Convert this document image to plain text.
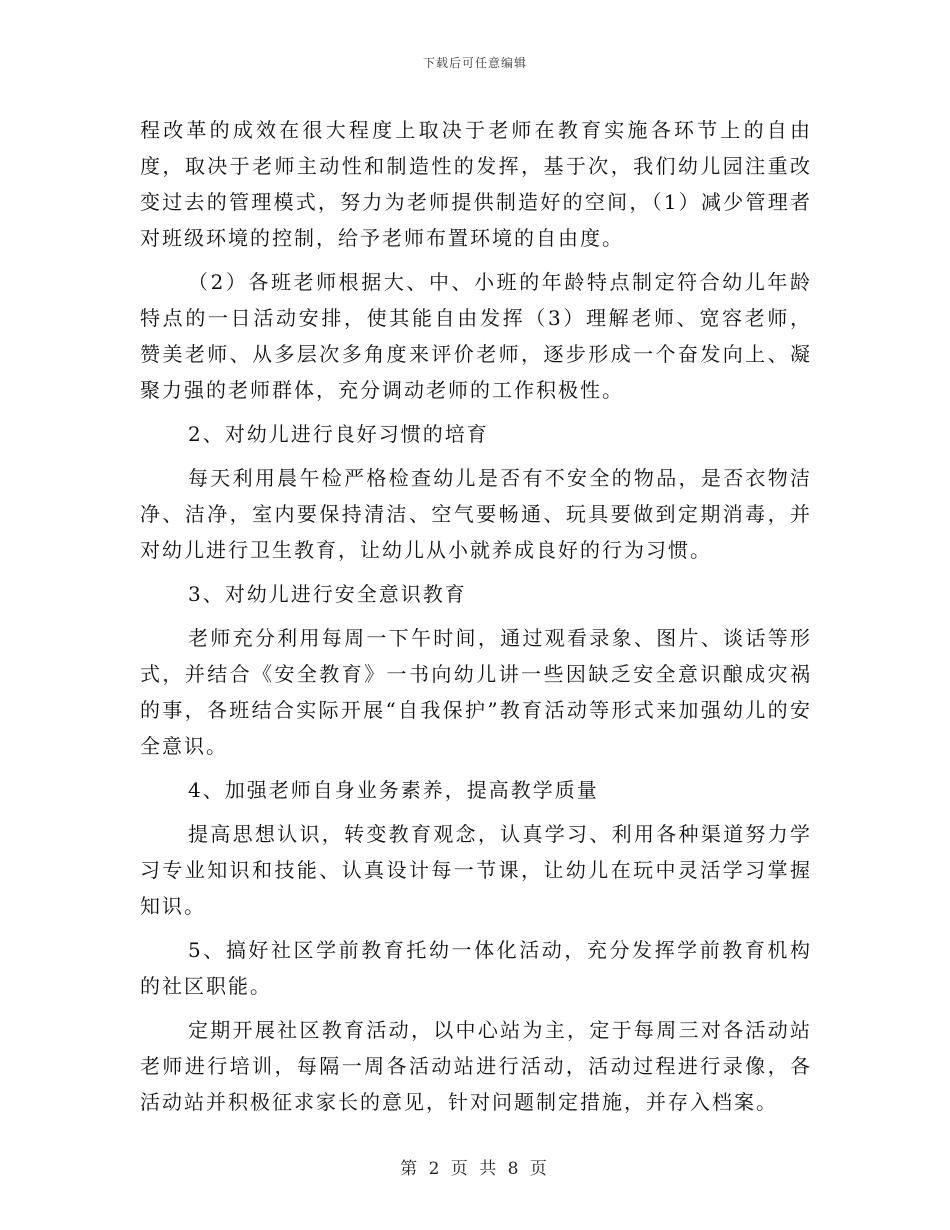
下载后可任意编辑

程改革的成效在很大程度上取决于老师在教育实施各环节上的自由度，取决于老师主动性和制造性的发挥，基于次，我们幼儿园注重改变过去的管理模式，努力为老师提供制造好的空间，（1）减少管理者对班级环境的控制，给予老师布置环境的自由度。

（2）各班老师根据大、中、小班的年龄特点制定符合幼儿年龄特点的一日活动安排，使其能自由发挥（3）理解老师、宽容老师，赞美老师、从多层次多角度来评价老师，逐步形成一个奋发向上、凝聚力强的老师群体，充分调动老师的工作积极性。

2、对幼儿进行良好习惯的培育

每天利用晨午检严格检查幼儿是否有不安全的物品，是否衣物洁净、洁净，室内要保持清洁、空气要畅通、玩具要做到定期消毒，并对幼儿进行卫生教育，让幼儿从小就养成良好的行为习惯。

3、对幼儿进行安全意识教育

老师充分利用每周一下午时间，通过观看录象、图片、谈话等形式，并结合《安全教育》一书向幼儿讲一些因缺乏安全意识酿成灾祸的事，各班结合实际开展“自我保护”教育活动等形式来加强幼儿的安全意识。

4、加强老师自身业务素养，提高教学质量

提高思想认识，转变教育观念，认真学习、利用各种渠道努力学习专业知识和技能、认真设计每一节课，让幼儿在玩中灵活学习掌握知识。

5、搞好社区学前教育托幼一体化活动，充分发挥学前教育机构的社区职能。

定期开展社区教育活动，以中心站为主，定于每周三对各活动站老师进行培训，每隔一周各活动站进行活动，活动过程进行录像，各活动站并积极征求家长的意见，针对问题制定措施，并存入档案。

第 2 页 共 8 页
